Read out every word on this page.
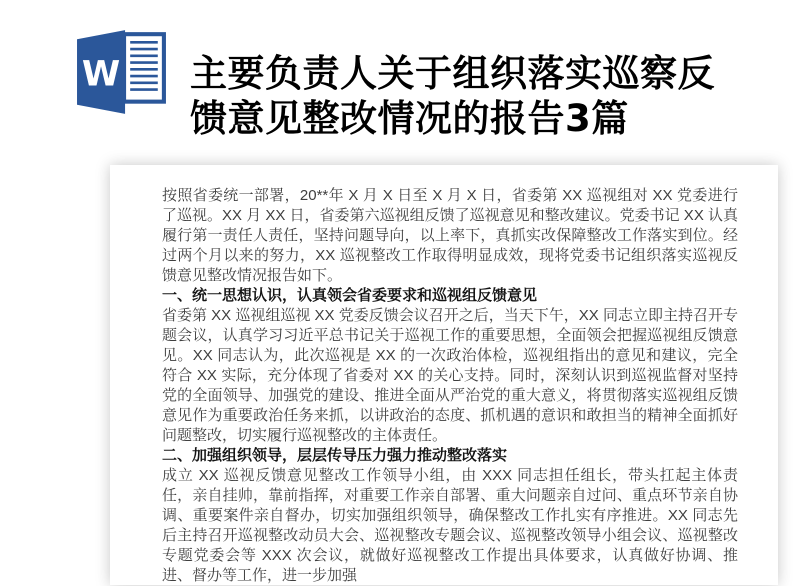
W 主要负责人关于组织落实巡察反
馈意见整改情况的报告3篇
按照省委统一部署，20**年 X 月 X 日至 X 月 X 日，省委第 XX 巡视组对 XX 党委进行了巡视。XX 月 XX 日，省委第六巡视组反馈了巡视意见和整改建议。党委书记 XX 认真履行第一责任人责任，坚持问题导向，以上率下，真抓实改保障整改工作落实到位。经过两个月以来的努力，XX 巡视整改工作取得明显成效，现将党委书记组织落实巡视反馈意见整改情况报告如下。
一、统一思想认识，认真领会省委要求和巡视组反馈意见
省委第 XX 巡视组巡视 XX 党委反馈会议召开之后，当天下午，XX 同志立即主持召开专题会议，认真学习习近平总书记关于巡视工作的重要思想，全面领会把握巡视组反馈意见。XX 同志认为，此次巡视是 XX 的一次政治体检，巡视组指出的意见和建议，完全符合 XX 实际，充分体现了省委对 XX 的关心支持。同时，深刻认识到巡视监督对坚持党的全面领导、加强党的建设、推进全面从严治党的重大意义，将贯彻落实巡视组反馈意见作为重要政治任务来抓，以讲政治的态度、抓机遇的意识和敢担当的精神全面抓好问题整改，切实履行巡视整改的主体责任。
二、加强组织领导，层层传导压力强力推动整改落实
成立 XX 巡视反馈意见整改工作领导小组，由 XXX 同志担任组长，带头扛起主体责任，亲自挂帅，靠前指挥，对重要工作亲自部署、重大问题亲自过问、重点环节亲自协调、重要案件亲自督办，切实加强组织领导，确保整改工作扎实有序推进。XX 同志先后主持召开巡视整改动员大会、巡视整改专题会议、巡视整改领导小组会议、巡视整改专题党委会等 XXX 次会议，就做好巡视整改工作提出具体要求，认真做好协调、推进、督办等工作，进一步加强
